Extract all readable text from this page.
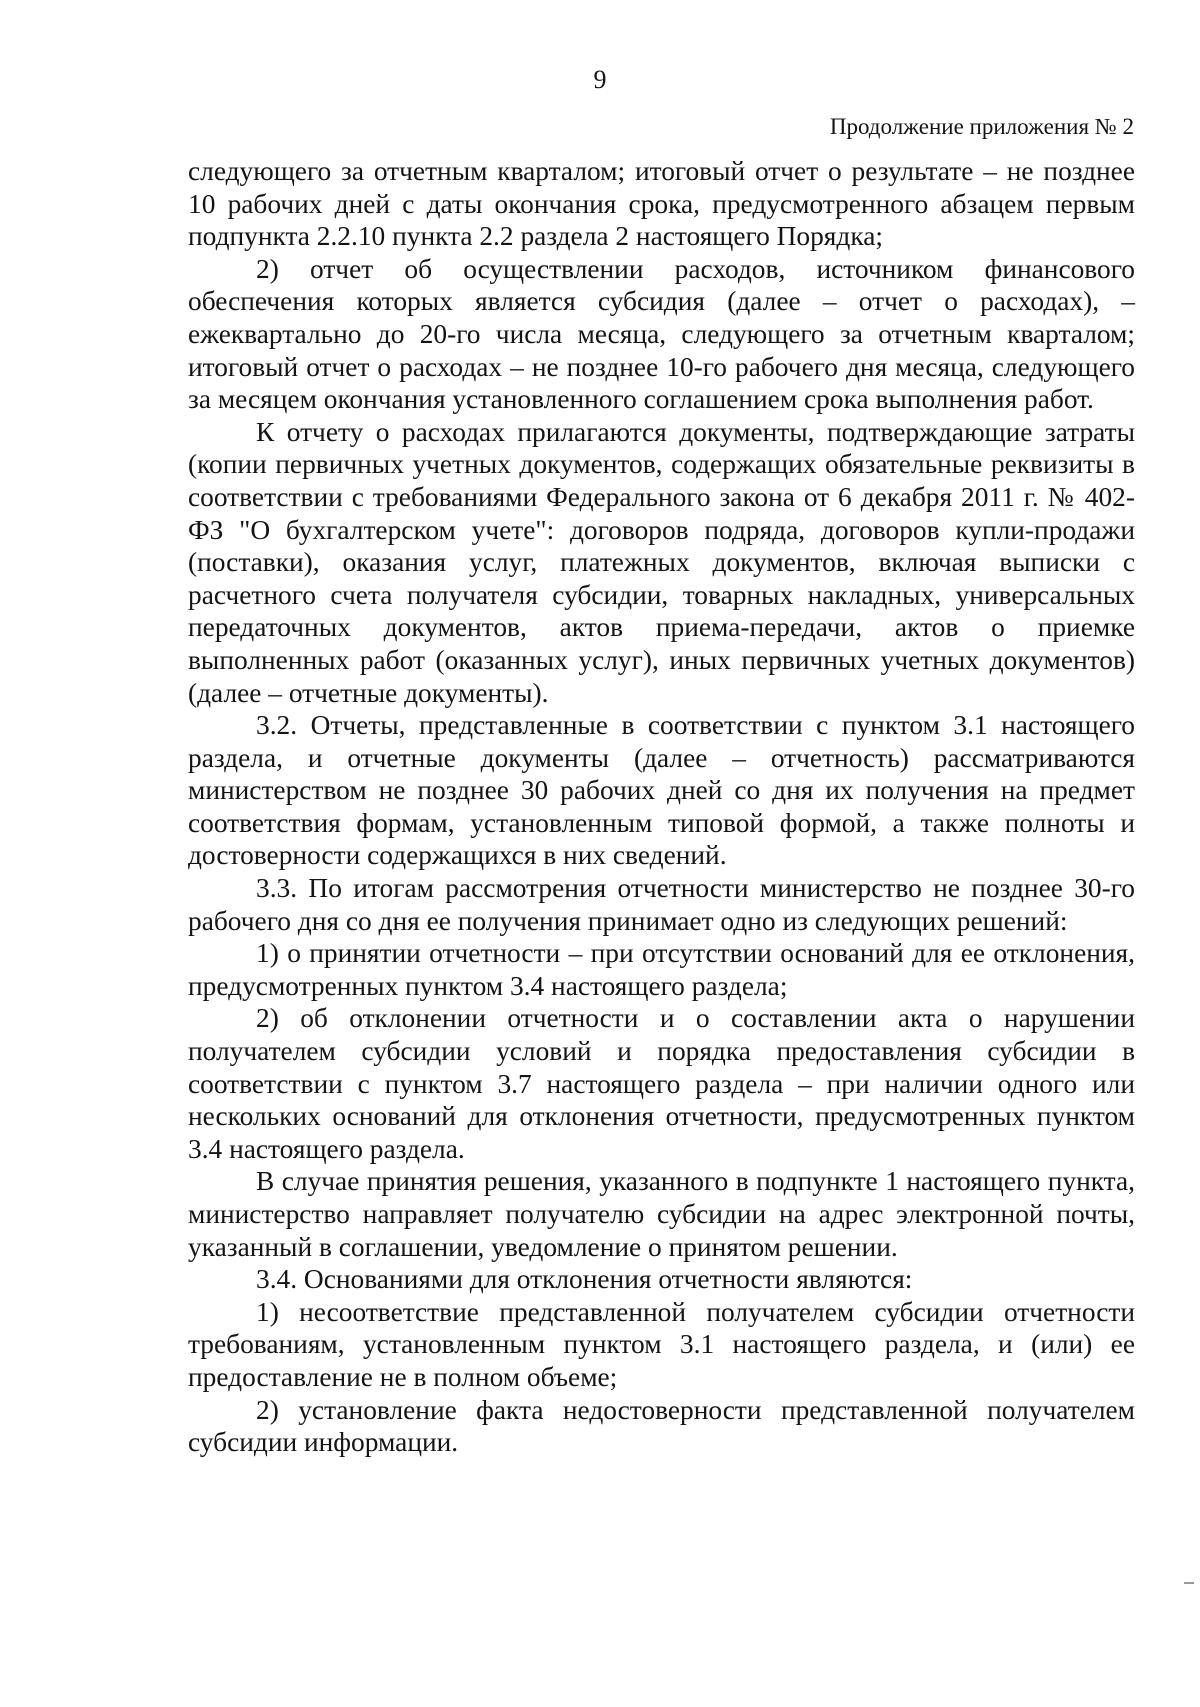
9
Продолжение приложения № 2

следующего за отчетным кварталом; итоговый отчет о результате – не позднее 10 рабочих дней с даты окончания срока, предусмотренного абзацем первым подпункта 2.2.10 пункта 2.2 раздела 2 настоящего Порядка;

2) отчет об осуществлении расходов, источником финансового обеспечения которых является субсидия (далее – отчет о расходах), – ежеквартально до 20-го числа месяца, следующего за отчетным кварталом; итоговый отчет о расходах – не позднее 10-го рабочего дня месяца, следующего за месяцем окончания установленного соглашением срока выполнения работ.

К отчету о расходах прилагаются документы, подтверждающие затраты (копии первичных учетных документов, содержащих обязательные реквизиты в соответствии с требованиями Федерального закона от 6 декабря 2011 г. № 402-ФЗ "О бухгалтерском учете": договоров подряда, договоров купли-продажи (поставки), оказания услуг, платежных документов, включая выписки с расчетного счета получателя субсидии, товарных накладных, универсальных передаточных документов, актов приема-передачи, актов о приемке выполненных работ (оказанных услуг), иных первичных учетных документов) (далее – отчетные документы).

3.2. Отчеты, представленные в соответствии с пунктом 3.1 настоящего раздела, и отчетные документы (далее – отчетность) рассматриваются министерством не позднее 30 рабочих дней со дня их получения на предмет соответствия формам, установленным типовой формой, а также полноты и достоверности содержащихся в них сведений.

3.3. По итогам рассмотрения отчетности министерство не позднее 30-го рабочего дня со дня ее получения принимает одно из следующих решений:

1) о принятии отчетности – при отсутствии оснований для ее отклонения, предусмотренных пунктом 3.4 настоящего раздела;

2) об отклонении отчетности и о составлении акта о нарушении получателем субсидии условий и порядка предоставления субсидии в соответствии с пунктом 3.7 настоящего раздела – при наличии одного или нескольких оснований для отклонения отчетности, предусмотренных пунктом 3.4 настоящего раздела.

В случае принятия решения, указанного в подпункте 1 настоящего пункта, министерство направляет получателю субсидии на адрес электронной почты, указанный в соглашении, уведомление о принятом решении.

3.4. Основаниями для отклонения отчетности являются:

1) несоответствие представленной получателем субсидии отчетности требованиям, установленным пунктом 3.1 настоящего раздела, и (или) ее предоставление не в полном объеме;

2) установление факта недостоверности представленной получателем субсидии информации.
